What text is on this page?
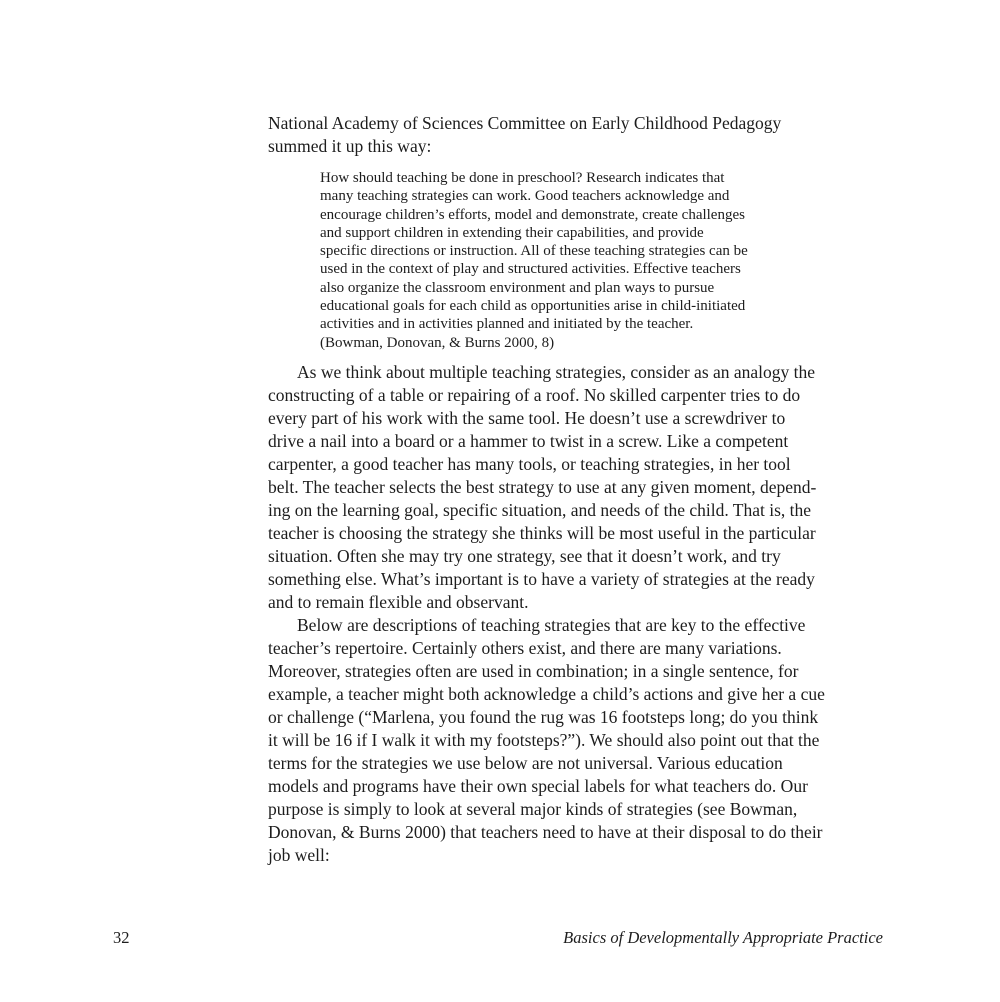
National Academy of Sciences Committee on Early Childhood Pedagogy
summed it up this way:
How should teaching be done in preschool? Research indicates that
many teaching strategies can work. Good teachers acknowledge and
encourage children’s efforts, model and demonstrate, create challenges
and support children in extending their capabilities, and provide
specific directions or instruction. All of these teaching strategies can be
used in the context of play and structured activities. Effective teachers
also organize the classroom environment and plan ways to pursue
educational goals for each child as opportunities arise in child-initiated
activities and in activities planned and initiated by the teacher.
(Bowman, Donovan, & Burns 2000, 8)
As we think about multiple teaching strategies, consider as an analogy the
constructing of a table or repairing of a roof. No skilled carpenter tries to do
every part of his work with the same tool. He doesn’t use a screwdriver to
drive a nail into a board or a hammer to twist in a screw. Like a competent
carpenter, a good teacher has many tools, or teaching strategies, in her tool
belt. The teacher selects the best strategy to use at any given moment, depend-
ing on the learning goal, specific situation, and needs of the child. That is, the
teacher is choosing the strategy she thinks will be most useful in the particular
situation. Often she may try one strategy, see that it doesn’t work, and try
something else. What’s important is to have a variety of strategies at the ready
and to remain flexible and observant.
Below are descriptions of teaching strategies that are key to the effective
teacher’s repertoire. Certainly others exist, and there are many variations.
Moreover, strategies often are used in combination; in a single sentence, for
example, a teacher might both acknowledge a child’s actions and give her a cue
or challenge (“Marlena, you found the rug was 16 footsteps long; do you think
it will be 16 if I walk it with my footsteps?”). We should also point out that the
terms for the strategies we use below are not universal. Various education
models and programs have their own special labels for what teachers do. Our
purpose is simply to look at several major kinds of strategies (see Bowman,
Donovan, & Burns 2000) that teachers need to have at their disposal to do their
job well:
32	Basics of Developmentally Appropriate Practice
